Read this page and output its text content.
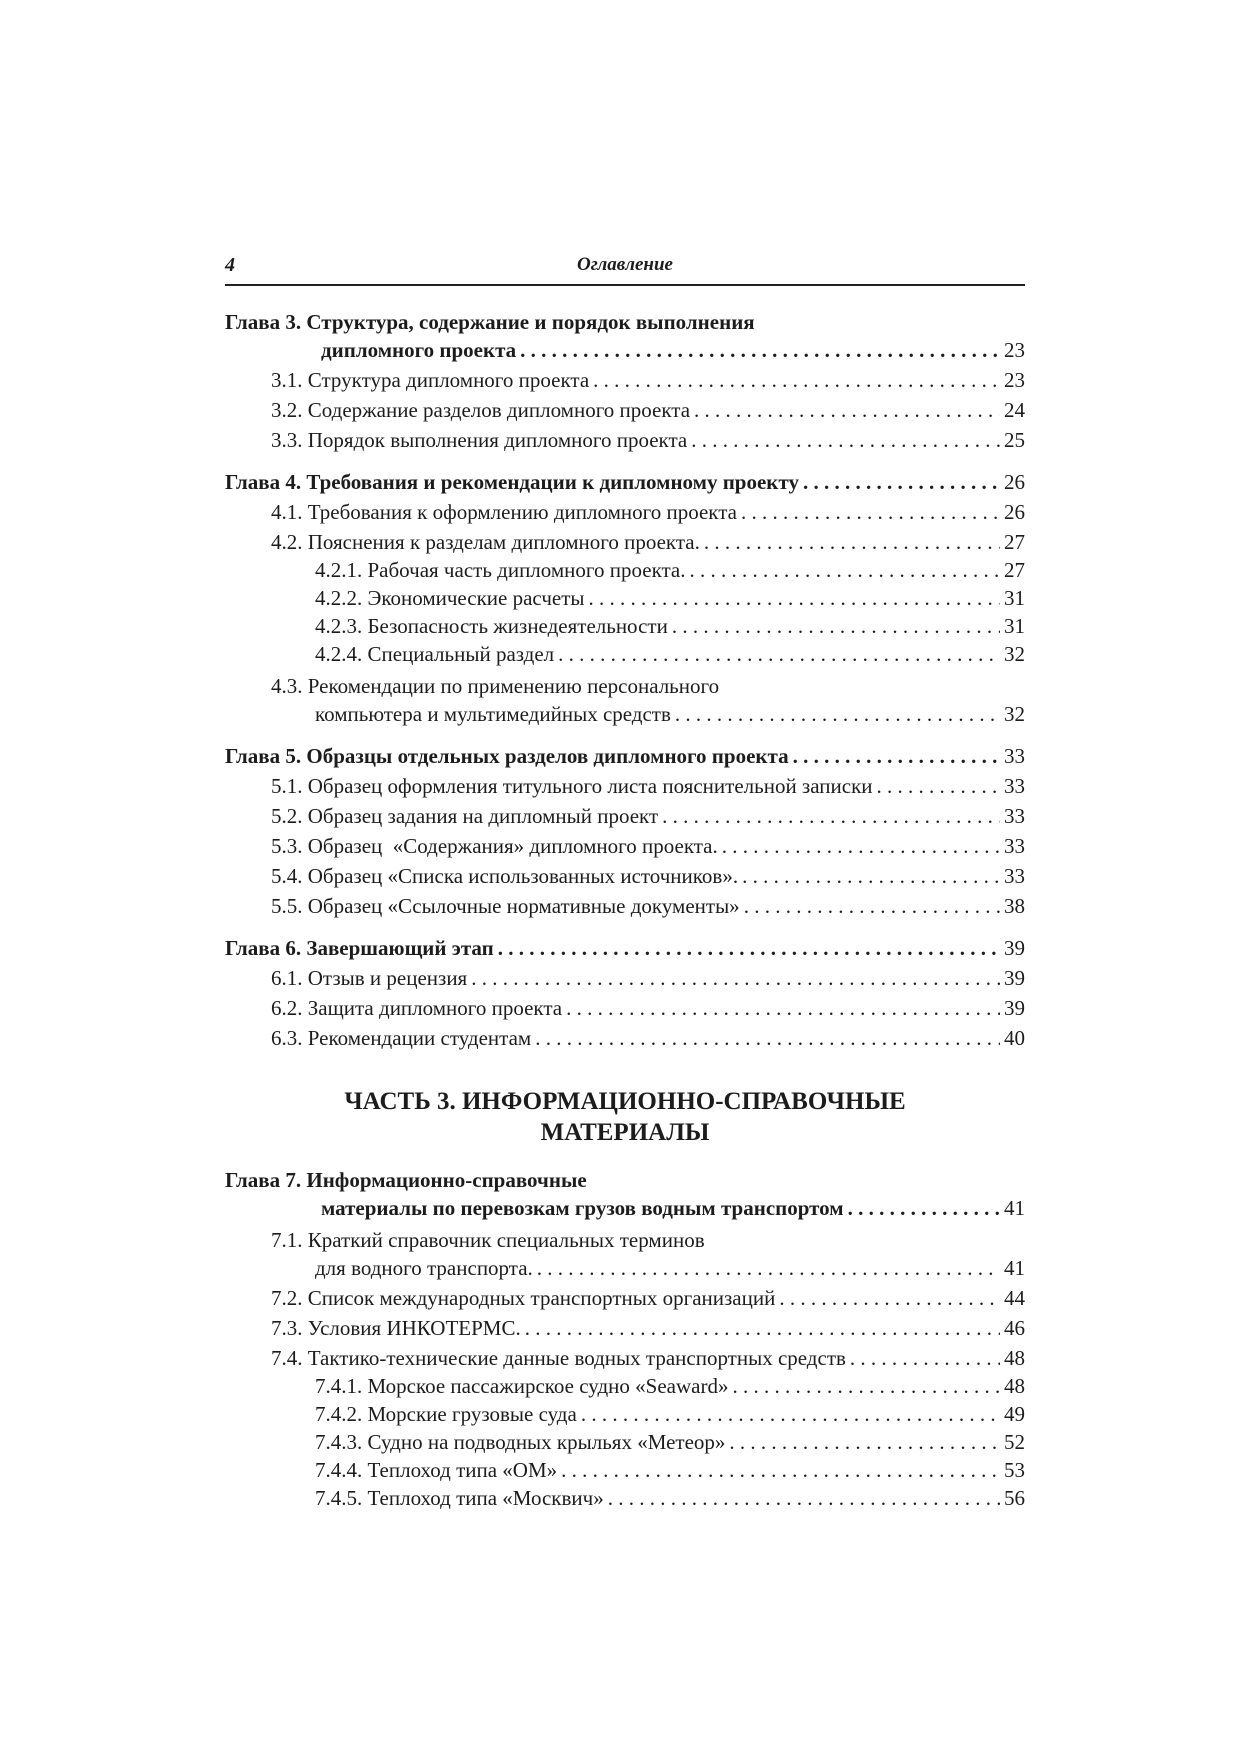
4	Оглавление
Глава 3. Структура, содержание и порядок выполнения
дипломного проекта . . .	23
3.1. Структура дипломного проекта . . .	23
3.2. Содержание разделов дипломного проекта . . .	24
3.3. Порядок выполнения дипломного проекта . . .	25
Глава 4. Требования и рекомендации к дипломному проекту . . .	26
4.1. Требования к оформлению дипломного проекта . . .	26
4.2. Пояснения к разделам дипломного проекта. . . .	27
4.2.1. Рабочая часть дипломного проекта. . . .	27
4.2.2. Экономические расчеты . . .	31
4.2.3. Безопасность жизнедеятельности . . .	31
4.2.4. Специальный раздел . . .	32
4.3. Рекомендации по применению персонального
компьютера и мультимедийных средств . . .	32
Глава 5. Образцы отдельных разделов дипломного проекта . . .	33
5.1. Образец оформления титульного листа пояснительной записки . . .	33
5.2. Образец задания на дипломный проект . . .	33
5.3. Образец  «Содержания» дипломного проекта. . . .	33
5.4. Образец «Списка использованных источников». . . .	33
5.5. Образец «Ссылочные нормативные документы» . . .	38
Глава 6. Завершающий этап . . .	39
6.1. Отзыв и рецензия . . .	39
6.2. Защита дипломного проекта . . .	39
6.3. Рекомендации студентам . . .	40
ЧАСТЬ 3. ИНФОРМАЦИОННО-СПРАВОЧНЫЕ
МАТЕРИАЛЫ
Глава 7. Информационно-справочные
материалы по перевозкам грузов водным транспортом . . .	41
7.1. Краткий справочник специальных терминов
для водного транспорта. . . .	41
7.2. Список международных транспортных организаций . . .	44
7.3. Условия ИНКОТЕРМС. . . .	46
7.4. Тактико-технические данные водных транспортных средств . . .	48
7.4.1. Морское пассажирское судно «Seaward» . . .	48
7.4.2. Морские грузовые суда . . .	49
7.4.3. Судно на подводных крыльях «Метеор» . . .	52
7.4.4. Теплоход типа «ОМ» . . .	53
7.4.5. Теплоход типа «Москвич» . . .	56
